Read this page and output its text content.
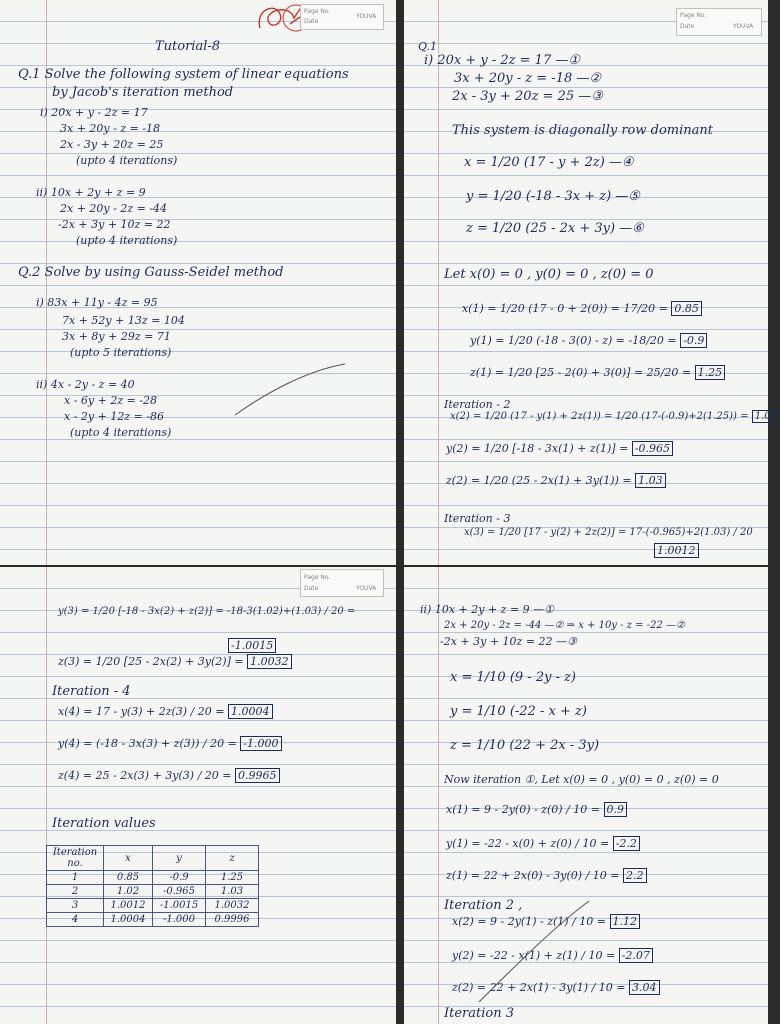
Page No.
Date
YOUVA
Tutorial-8
Q.1 Solve the following system of linear equations
by Jacob's iteration method
i) 20x + y - 2z = 17
3x + 20y - z = -18
2x - 3y + 20z = 25
(upto 4 iterations)
ii) 10x + 2y + z = 9
2x + 20y - 2z = -44
-2x + 3y + 10z = 22
(upto 4 iterations)
Q.2 Solve by using Gauss-Seidel method
i) 83x + 11y - 4z = 95
7x + 52y + 13z = 104
3x + 8y + 29z = 71
(upto 5 iterations)
ii) 4x - 2y - z = 40
x - 6y + 2z = -28
x - 2y + 12z = -86
(upto 4 iterations)
Page No.
Date	YOUVA
Q.1
i) 20x + y - 2z = 17 —①
3x + 20y - z = -18 —②
2x - 3y + 20z = 25 —③
This system is diagonally row dominant
x = 1/20 (17 - y + 2z) —④
y = 1/20 (-18 - 3x + z) —⑤
z = 1/20 (25 - 2x + 3y) —⑥
Let x(0) = 0 , y(0) = 0 , z(0) = 0
x(1) = 1/20 (17 - 0 + 2(0)) = 17/20 = 0.85
y(1) = 1/20 (-18 - 3(0) - z) = -18/20 = -0.9
z(1) = 1/20 [25 - 2(0) + 3(0)] = 25/20 = 1.25
Iteration - 2
x(2) = 1/20 (17 - y(1) + 2z(1)) = 1/20 (17-(-0.9)+2(1.25)) = 1.02
y(2) = 1/20 [-18 - 3x(1) + z(1)] = -0.965
z(2) = 1/20 (25 - 2x(1) + 3y(1)) = 1.03
Iteration - 3
x(3) = 1/20 [17 - y(2) + 2z(2)] = 17-(-0.965)+2(1.03) / 20
1.0012
Page No.
Date	YOUVA
y(3) = 1/20 [-18 - 3x(2) + z(2)] = -18-3(1.02)+(1.03) / 20 =
-1.0015
z(3) = 1/20 [25 - 2x(2) + 3y(2)] = 1.0032
Iteration - 4
x(4) = 17 - y(3) + 2z(3) / 20 = 1.0004
y(4) = (-18 - 3x(3) + z(3)) / 20 = -1.000
z(4) = 25 - 2x(3) + 3y(3) / 20 = 0.9965
Iteration values
Iteration no.	x	y	z
1	0.85	-0.9	1.25
2	1.02	-0.965	1.03
3	1.0012	-1.0015	1.0032
4	1.0004	-1.000	0.9996
ii) 10x + 2y + z = 9 —①
2x + 20y - 2z = -44 —② ⇒ x + 10y - z = -22 —②
-2x + 3y + 10z = 22 —③
x = 1/10 (9 - 2y - z)
y = 1/10 (-22 - x + z)
z = 1/10 (22 + 2x - 3y)
Now iteration ①, Let x(0) = 0 , y(0) = 0 , z(0) = 0
x(1) = 9 - 2y(0) - z(0) / 10 = 0.9
y(1) = -22 - x(0) + z(0) / 10 = -2.2
z(1) = 22 + 2x(0) - 3y(0) / 10 = 2.2
Iteration 2 ,
x(2) = 9 - 2y(1) - z(1) / 10 = 1.12
y(2) = -22 - x(1) + z(1) / 10 = -2.07
z(2) = 22 + 2x(1) - 3y(1) / 10 = 3.04
Iteration 3
